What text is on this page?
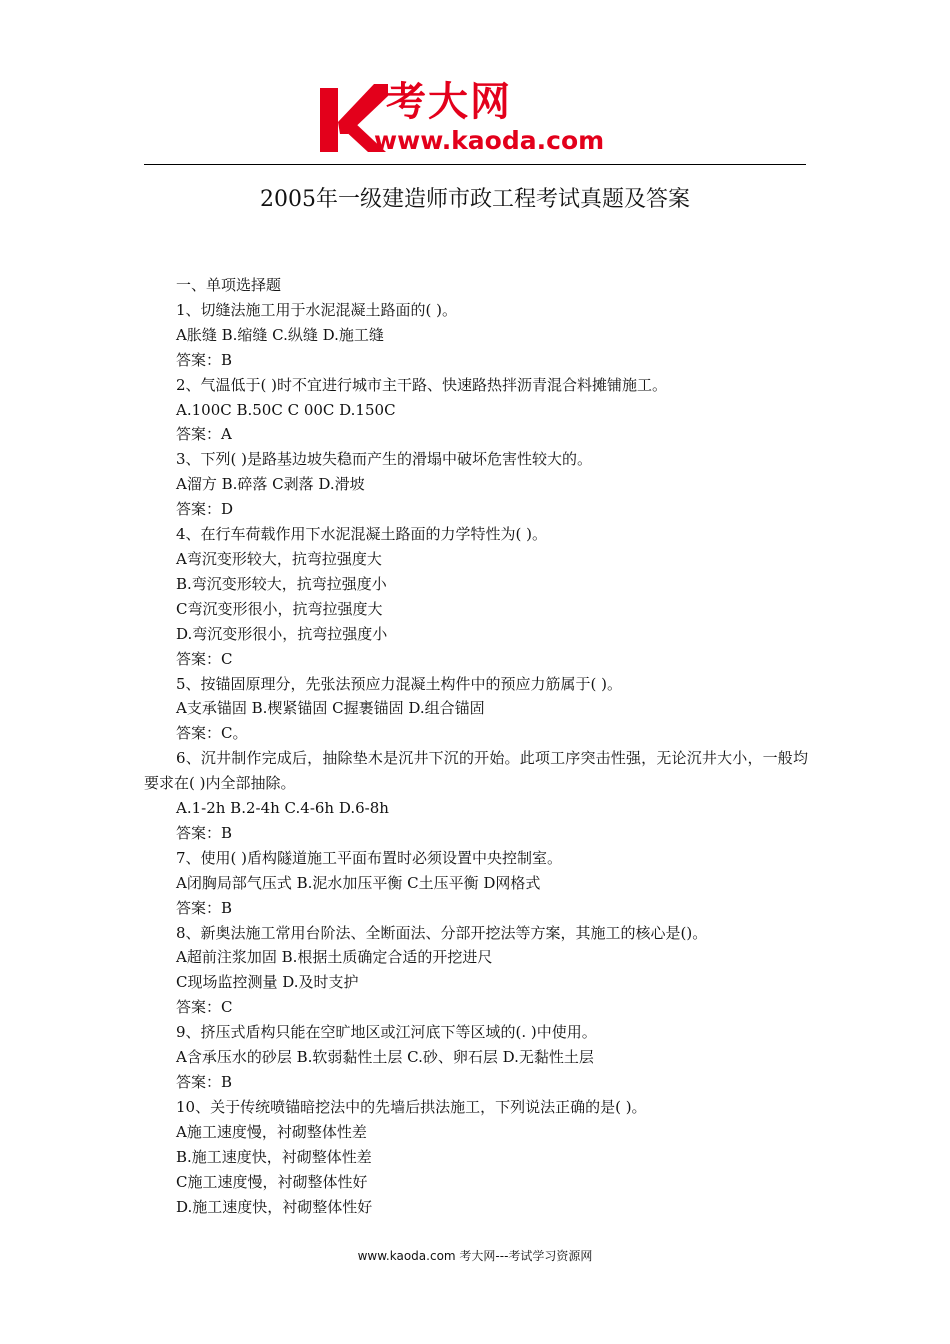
考大网
www.kaoda.com
2005年一级建造师市政工程考试真题及答案

一、单项选择题

1、切缝法施工用于水泥混凝土路面的( )。

A胀缝 B.缩缝 C.纵缝 D.施工缝

答案：B

2、气温低于( )时不宜进行城市主干路、快速路热拌沥青混合料摊铺施工。

A.100C B.50C C 00C D.150C

答案：A

3、下列( )是路基边坡失稳而产生的滑塌中破坏危害性较大的。

A溜方 B.碎落 C剥落 D.滑坡

答案：D

4、在行车荷载作用下水泥混凝土路面的力学特性为( )。

A弯沉变形较大，抗弯拉强度大

B.弯沉变形较大，抗弯拉强度小

C弯沉变形很小，抗弯拉强度大

D.弯沉变形很小，抗弯拉强度小

答案：C

5、按锚固原理分，先张法预应力混凝土构件中的预应力筋属于( )。

A支承锚固 B.楔紧锚固 C握裹锚固 D.组合锚固

答案：C。

6、沉井制作完成后，抽除垫木是沉井下沉的开始。此项工序突击性强，无论沉井大小，一般均要求在( )内全部抽除。

A.1-2h B.2-4h C.4-6h D.6-8h

答案：B

7、使用( )盾构隧道施工平面布置时必须设置中央控制室。

A闭胸局部气压式 B.泥水加压平衡 C土压平衡 D网格式

答案：B

8、新奥法施工常用台阶法、全断面法、分部开挖法等方案，其施工的核心是()。

A超前注浆加固 B.根据土质确定合适的开挖进尺

C现场监控测量 D.及时支护

答案：C

9、挤压式盾构只能在空旷地区或江河底下等区域的(. )中使用。

A含承压水的砂层 B.软弱黏性土层 C.砂、卵石层 D.无黏性土层

答案：B

10、关于传统喷锚暗挖法中的先墙后拱法施工，下列说法正确的是( )。

A施工速度慢，衬砌整体性差

B.施工速度快，衬砌整体性差

C施工速度慢，衬砌整体性好

D.施工速度快，衬砌整体性好

www.kaoda.com 考大网---考试学习资源网
